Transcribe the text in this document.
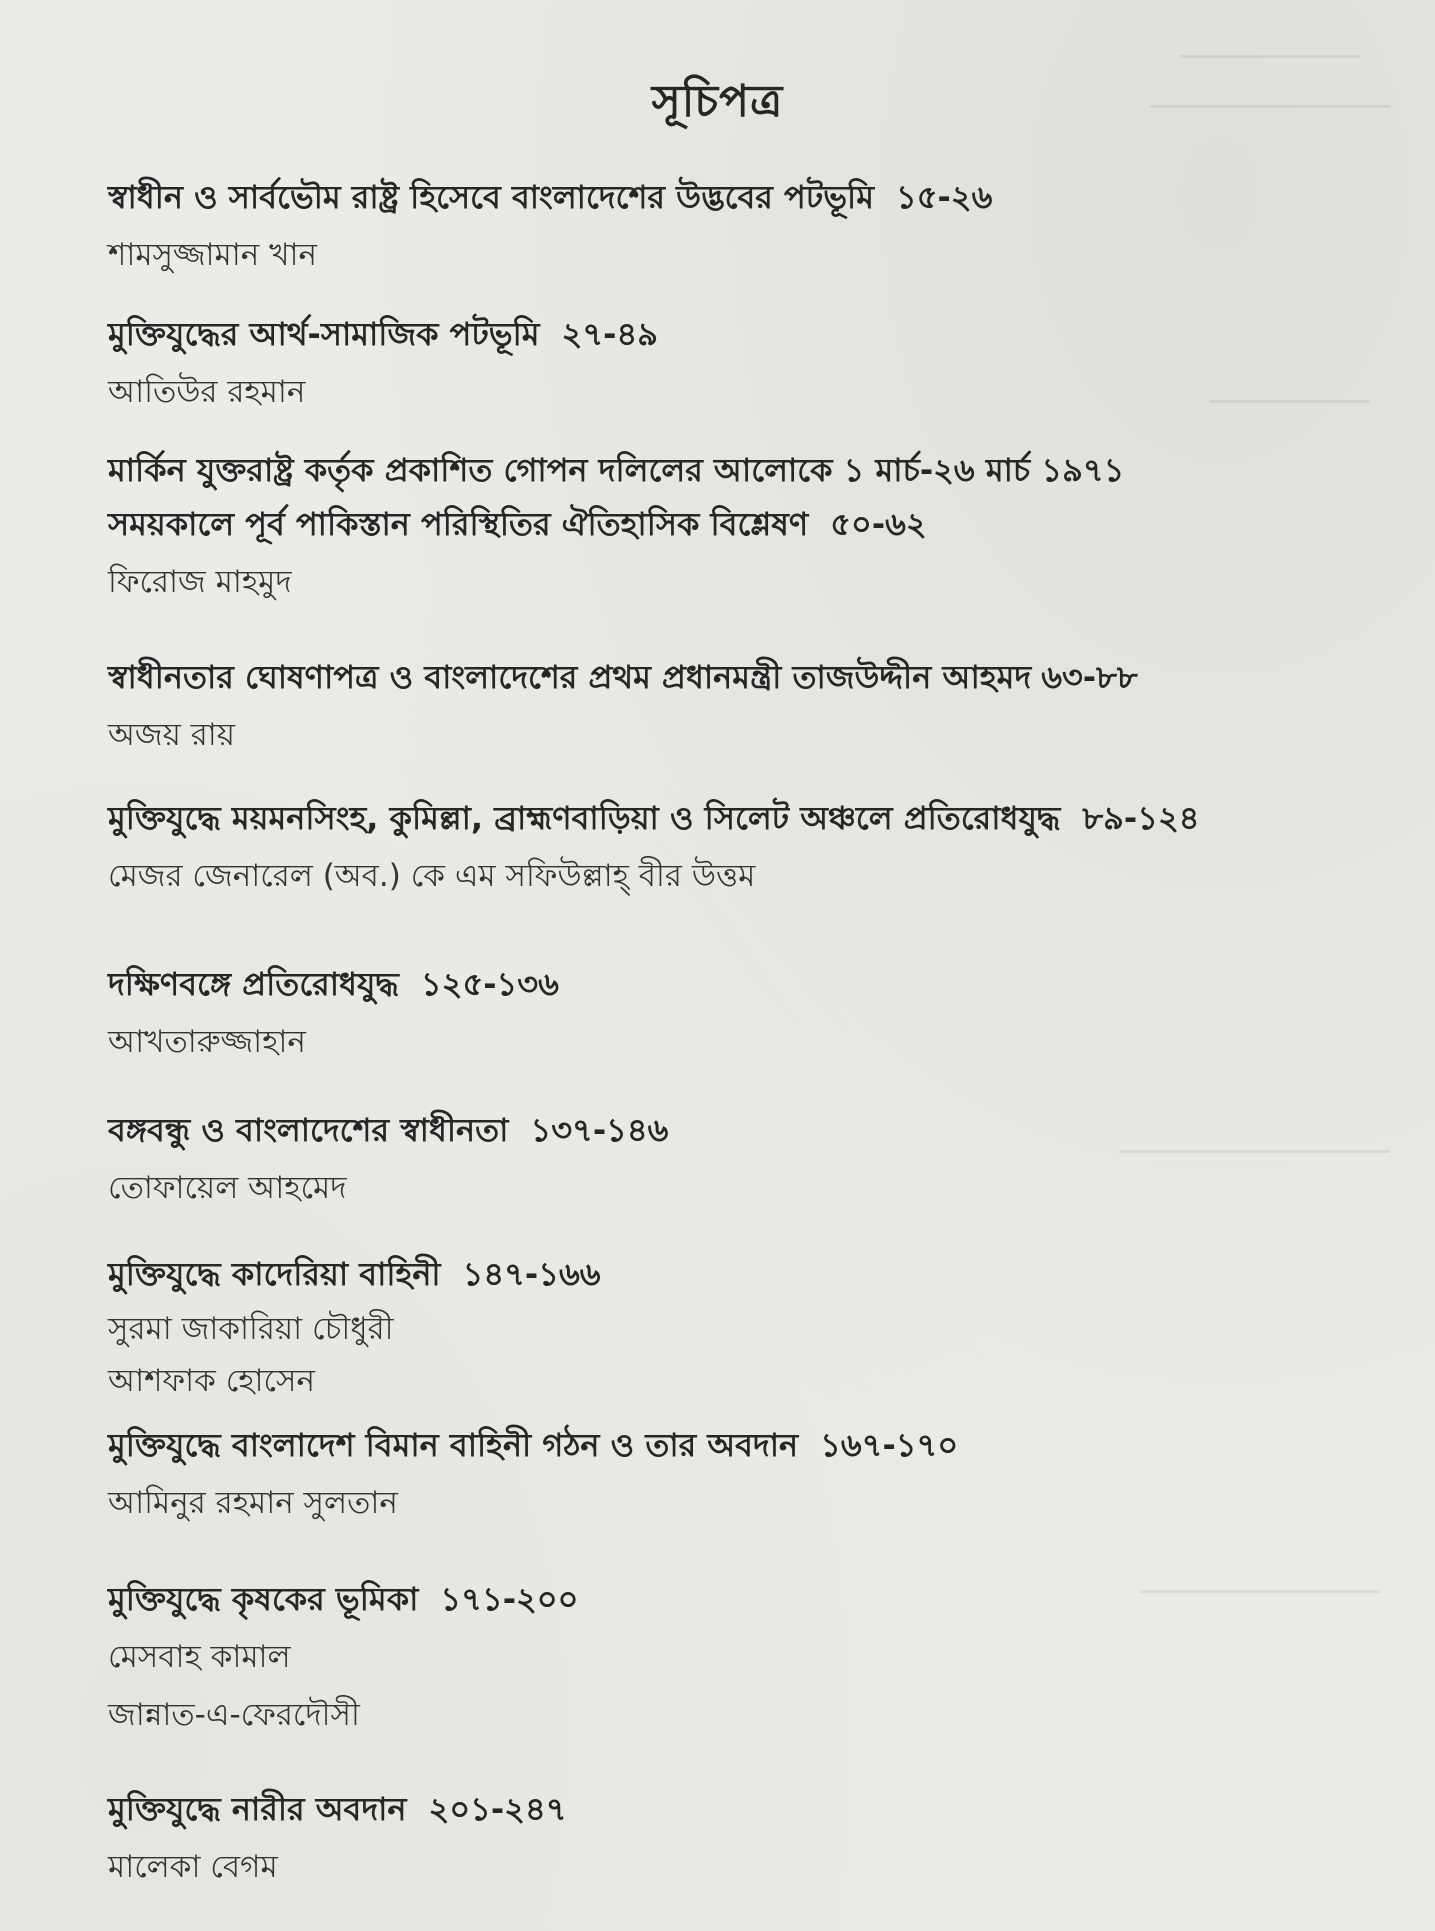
সূচিপত্র
স্বাধীন ও সার্বভৌম রাষ্ট্র হিসেবে বাংলাদেশের উদ্ভবের পটভূমি ১৫-২৬
শামসুজ্জামান খান
মুক্তিযুদ্ধের আর্থ-সামাজিক পটভূমি ২৭-৪৯
আতিউর রহমান
মার্কিন যুক্তরাষ্ট্র কর্তৃক প্রকাশিত গোপন দলিলের আলোকে ১ মার্চ-২৬ মার্চ ১৯৭১
সময়কালে পূর্ব পাকিস্তান পরিস্থিতির ঐতিহাসিক বিশ্লেষণ ৫০-৬২
ফিরোজ মাহমুদ
স্বাধীনতার ঘোষণাপত্র ও বাংলাদেশের প্রথম প্রধানমন্ত্রী তাজউদ্দীন আহমদ ৬৩-৮৮
অজয় রায়
মুক্তিযুদ্ধে ময়মনসিংহ, কুমিল্লা, ব্রাহ্মণবাড়িয়া ও সিলেট অঞ্চলে প্রতিরোধযুদ্ধ ৮৯-১২৪
মেজর জেনারেল (অব.) কে এম সফিউল্লাহ্ বীর উত্তম
দক্ষিণবঙ্গে প্রতিরোধযুদ্ধ ১২৫-১৩৬
আখতারুজ্জাহান
বঙ্গবন্ধু ও বাংলাদেশের স্বাধীনতা ১৩৭-১৪৬
তোফায়েল আহমেদ
মুক্তিযুদ্ধে কাদেরিয়া বাহিনী ১৪৭-১৬৬
সুরমা জাকারিয়া চৌধুরী
আশফাক হোসেন
মুক্তিযুদ্ধে বাংলাদেশ বিমান বাহিনী গঠন ও তার অবদান ১৬৭-১৭০
আমিনুর রহমান সুলতান
মুক্তিযুদ্ধে কৃষকের ভূমিকা ১৭১-২০০
মেসবাহ কামাল
জান্নাত-এ-ফেরদৌসী
মুক্তিযুদ্ধে নারীর অবদান ২০১-২৪৭
মালেকা বেগম
